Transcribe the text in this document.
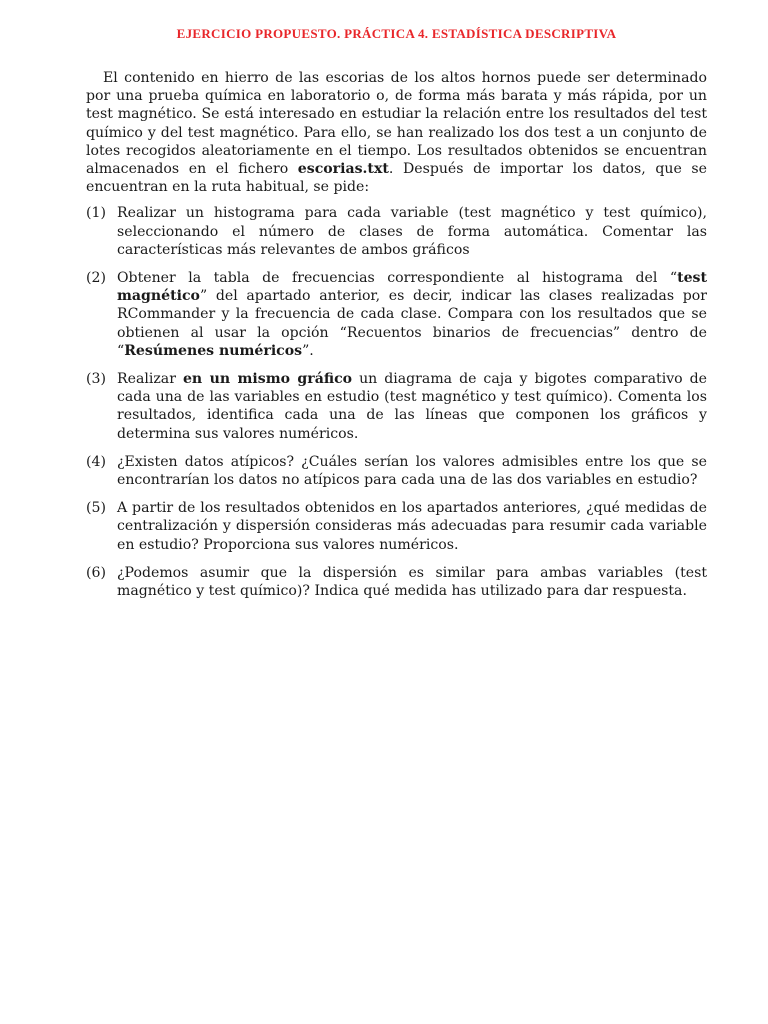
EJERCICIO PROPUESTO. PRÁCTICA 4. ESTADÍSTICA DESCRIPTIVA

El contenido en hierro de las escorias de los altos hornos puede ser determinado por una prueba química en laboratorio o, de forma más barata y más rápida, por un test magnético. Se está interesado en estudiar la relación entre los resultados del test químico y del test magnético. Para ello, se han realizado los dos test a un conjunto de lotes recogidos aleatoriamente en el tiempo. Los resultados obtenidos se encuentran almacenados en el fichero escorias.txt. Después de importar los datos, que se encuentran en la ruta habitual, se pide:

(1) Realizar un histograma para cada variable (test magnético y test químico), seleccionando el número de clases de forma automática. Comentar las características más relevantes de ambos gráficos
(2) Obtener la tabla de frecuencias correspondiente al histograma del “test magnético” del apartado anterior, es decir, indicar las clases realizadas por RCommander y la frecuencia de cada clase. Compara con los resultados que se obtienen al usar la opción “Recuentos binarios de frecuencias” dentro de “Resúmenes numéricos”.
(3) Realizar en un mismo gráfico un diagrama de caja y bigotes comparativo de cada una de las variables en estudio (test magnético y test químico). Comenta los resultados, identifica cada una de las líneas que componen los gráficos y determina sus valores numéricos.
(4) ¿Existen datos atípicos? ¿Cuáles serían los valores admisibles entre los que se encontrarían los datos no atípicos para cada una de las dos variables en estudio?
(5) A partir de los resultados obtenidos en los apartados anteriores, ¿qué medidas de centralización y dispersión consideras más adecuadas para resumir cada variable en estudio? Proporciona sus valores numéricos.
(6) ¿Podemos asumir que la dispersión es similar para ambas variables (test magnético y test químico)? Indica qué medida has utilizado para dar respuesta.
